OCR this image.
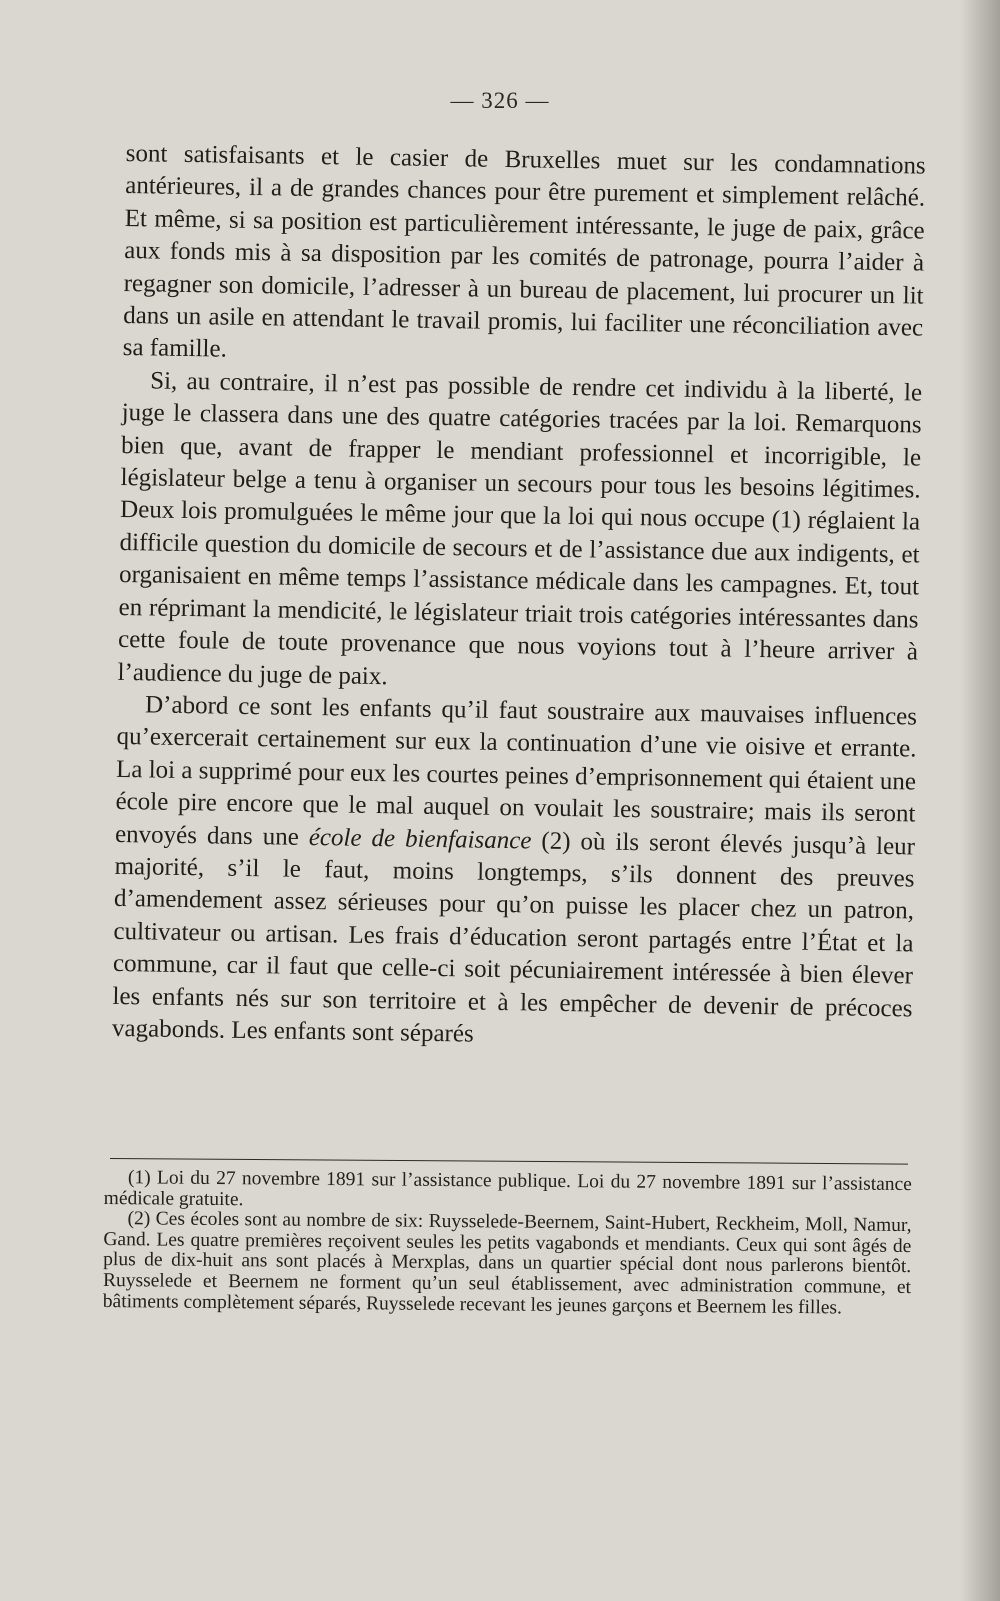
— 326 —

sont satisfaisants et le casier de Bruxelles muet sur les condamnations antérieures, il a de grandes chances pour être purement et simplement relâché. Et même, si sa position est particulièrement intéressante, le juge de paix, grâce aux fonds mis à sa disposition par les comités de patronage, pourra l’aider à regagner son domicile, l’adresser à un bureau de placement, lui procurer un lit dans un asile en attendant le travail promis, lui faciliter une réconciliation avec sa famille.

Si, au contraire, il n’est pas possible de rendre cet individu à la liberté, le juge le classera dans une des quatre catégories tracées par la loi. Remarquons bien que, avant de frapper le mendiant professionnel et incorrigible, le législateur belge a tenu à organiser un secours pour tous les besoins légitimes. Deux lois promulguées le même jour que la loi qui nous occupe (1) réglaient la difficile question du domicile de secours et de l’assistance due aux indigents, et organisaient en même temps l’assistance médicale dans les campagnes. Et, tout en réprimant la mendicité, le législateur triait trois catégories intéressantes dans cette foule de toute provenance que nous voyions tout à l’heure arriver à l’audience du juge de paix.

D’abord ce sont les enfants qu’il faut soustraire aux mauvaises influences qu’exercerait certainement sur eux la continuation d’une vie oisive et errante. La loi a supprimé pour eux les courtes peines d’emprisonnement qui étaient une école pire encore que le mal auquel on voulait les soustraire; mais ils seront envoyés dans une école de bienfaisance (2) où ils seront élevés jusqu’à leur majorité, s’il le faut, moins longtemps, s’ils donnent des preuves d’amendement assez sérieuses pour qu’on puisse les placer chez un patron, cultivateur ou artisan. Les frais d’éducation seront partagés entre l’État et la commune, car il faut que celle-ci soit pécuniairement intéressée à bien élever les enfants nés sur son territoire et à les empêcher de devenir de précoces vagabonds. Les enfants sont séparés

(1) Loi du 27 novembre 1891 sur l’assistance publique. Loi du 27 novembre 1891 sur l’assistance médicale gratuite.

(2) Ces écoles sont au nombre de six: Ruysselede-Beernem, Saint-Hubert, Reckheim, Moll, Namur, Gand. Les quatre premières reçoivent seules les petits vagabonds et mendiants. Ceux qui sont âgés de plus de dix-huit ans sont placés à Merxplas, dans un quartier spécial dont nous parlerons bientôt. Ruysselede et Beernem ne forment qu’un seul établissement, avec administration commune, et bâtiments complètement séparés, Ruysselede recevant les jeunes garçons et Beernem les filles.
